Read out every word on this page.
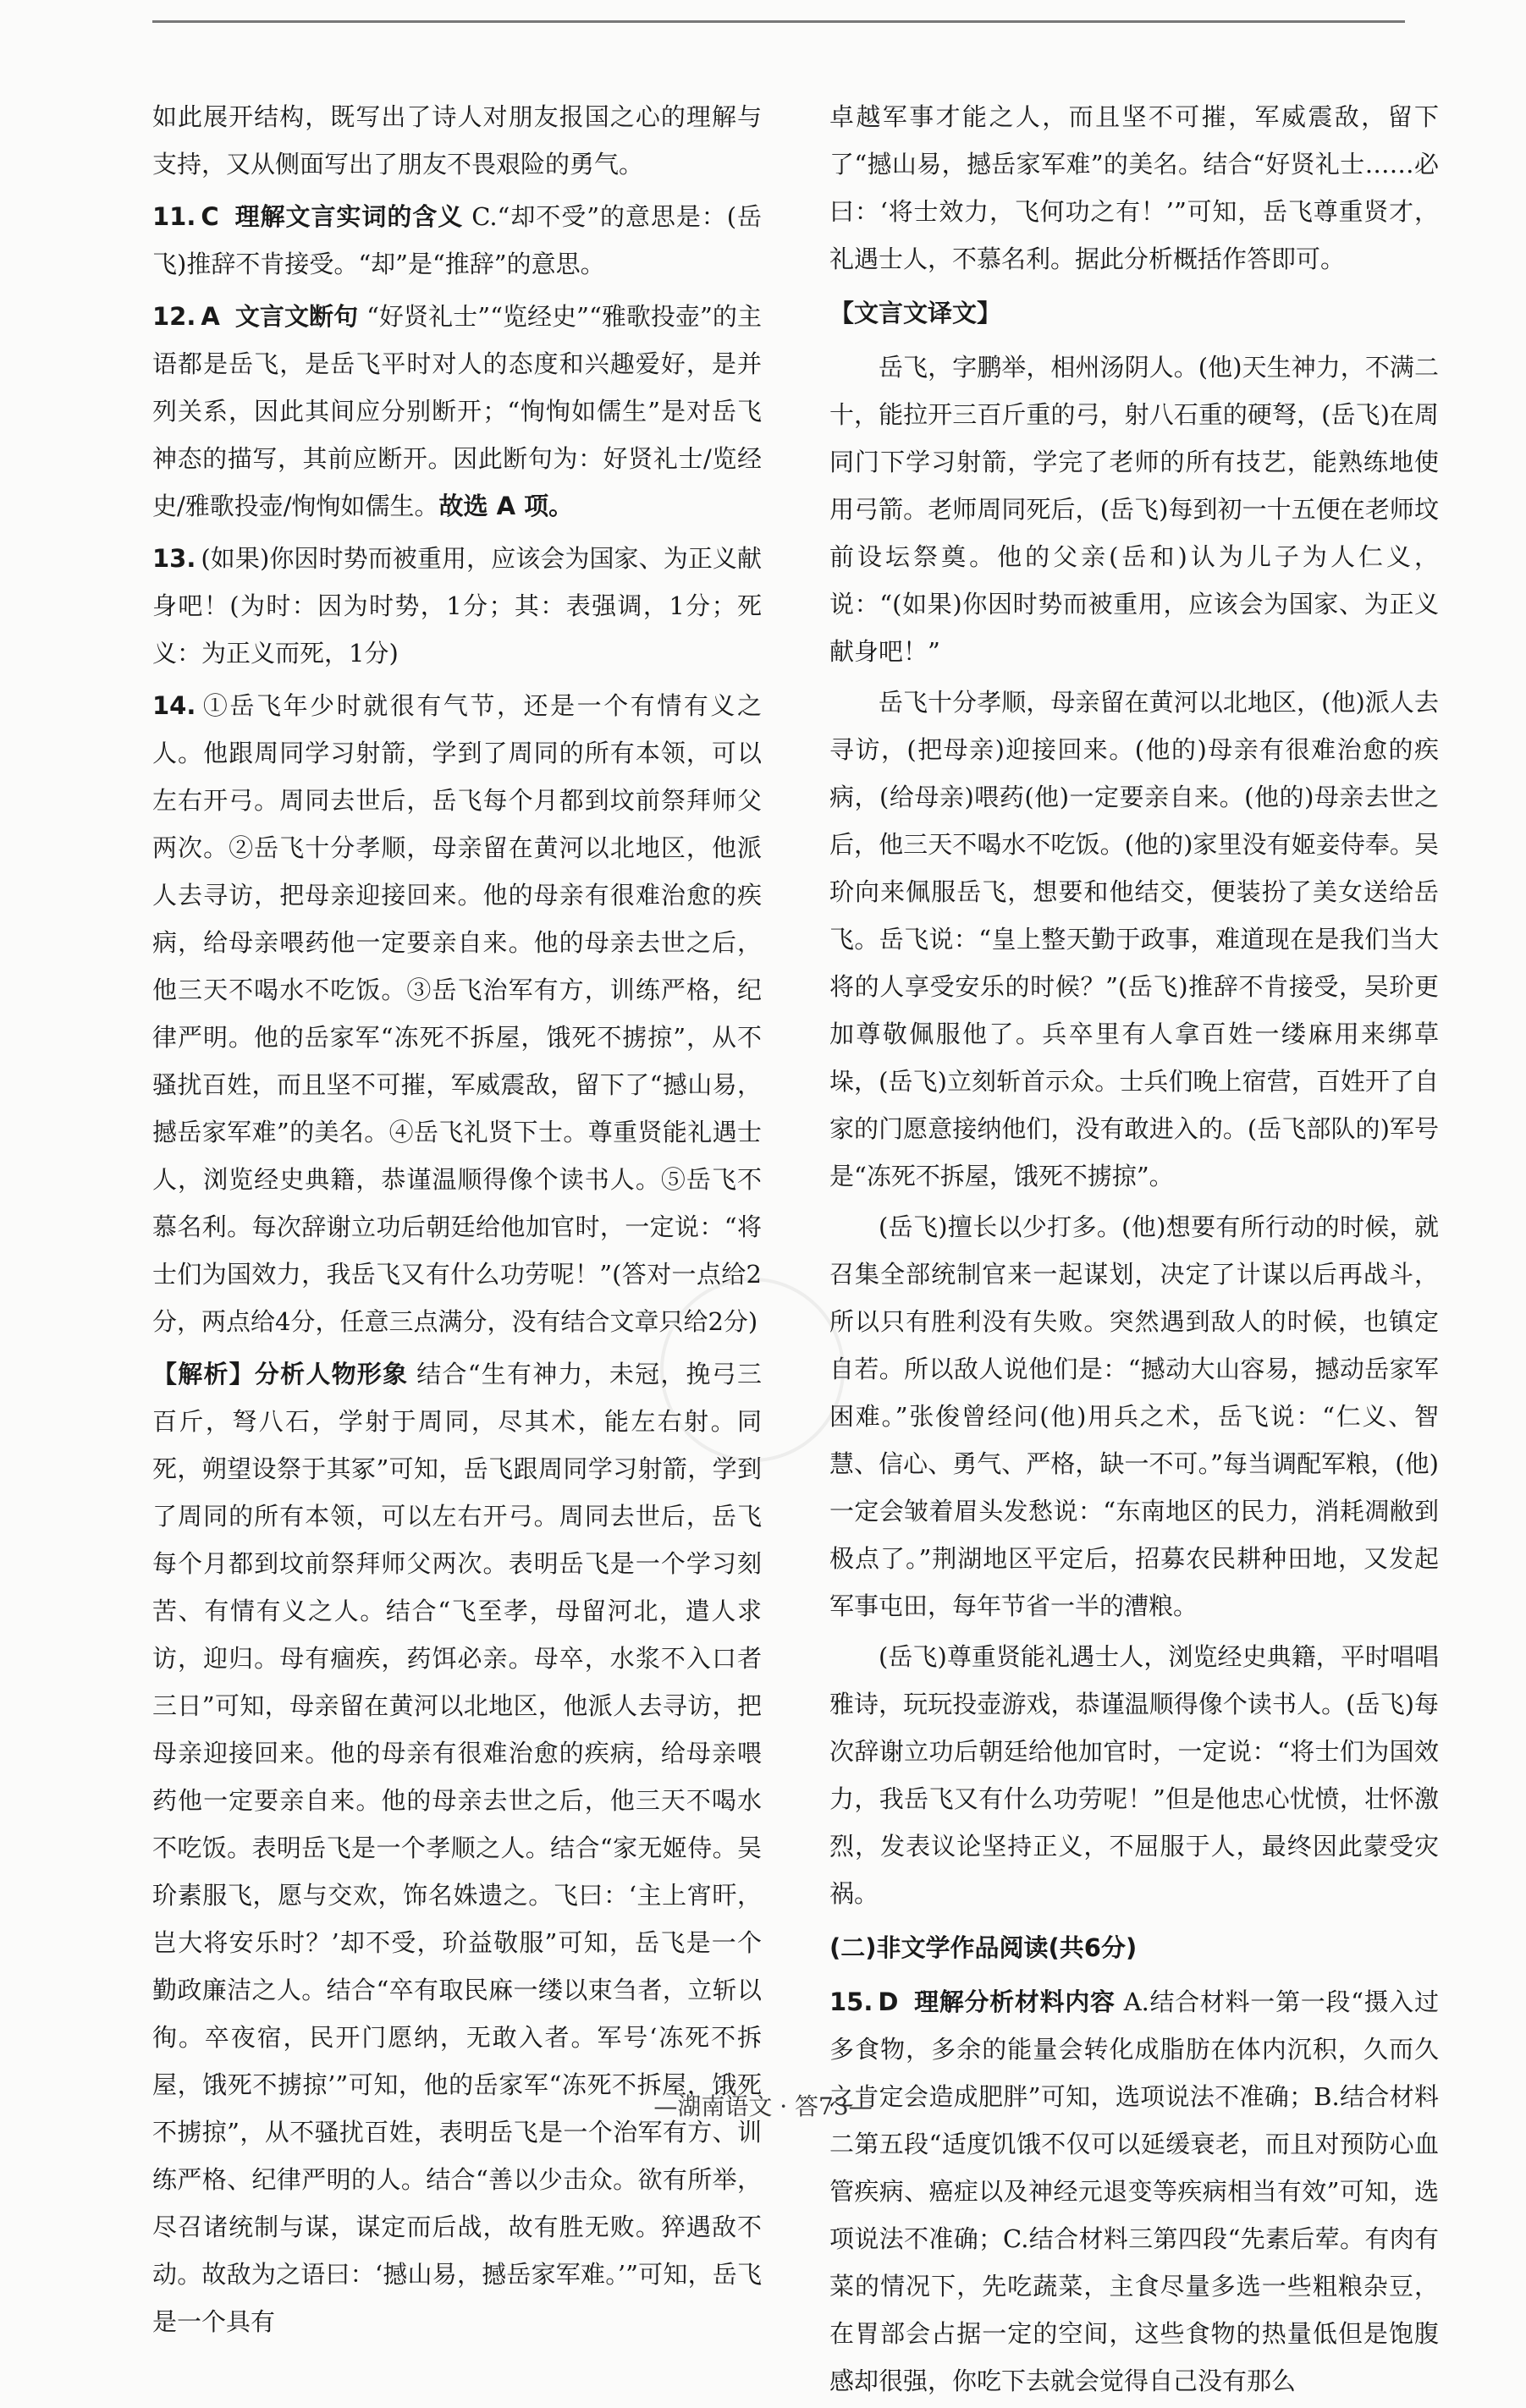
如此展开结构，既写出了诗人对朋友报国之心的理解与支持，又从侧面写出了朋友不畏艰险的勇气。

11. C 理解文言实词的含义 C.“却不受”的意思是：(岳飞)推辞不肯接受。“却”是“推辞”的意思。

12. A 文言文断句 “好贤礼士”“览经史”“雅歌投壶”的主语都是岳飞，是岳飞平时对人的态度和兴趣爱好，是并列关系，因此其间应分别断开；“恂恂如儒生”是对岳飞神态的描写，其前应断开。因此断句为：好贤礼士/览经史/雅歌投壶/恂恂如儒生。故选 A 项。

13. (如果)你因时势而被重用，应该会为国家、为正义献身吧！(为时：因为时势，1分；其：表强调，1分；死义：为正义而死，1分)

14. ①岳飞年少时就很有气节，还是一个有情有义之人。他跟周同学习射箭，学到了周同的所有本领，可以左右开弓。周同去世后，岳飞每个月都到坟前祭拜师父两次。②岳飞十分孝顺，母亲留在黄河以北地区，他派人去寻访，把母亲迎接回来。他的母亲有很难治愈的疾病，给母亲喂药他一定要亲自来。他的母亲去世之后，他三天不喝水不吃饭。③岳飞治军有方，训练严格，纪律严明。他的岳家军“冻死不拆屋，饿死不掳掠”，从不骚扰百姓，而且坚不可摧，军威震敌，留下了“撼山易，撼岳家军难”的美名。④岳飞礼贤下士。尊重贤能礼遇士人，浏览经史典籍，恭谨温顺得像个读书人。⑤岳飞不慕名利。每次辞谢立功后朝廷给他加官时，一定说：“将士们为国效力，我岳飞又有什么功劳呢！”(答对一点给2分，两点给4分，任意三点满分，没有结合文章只给2分)

【解析】分析人物形象 结合“生有神力，未冠，挽弓三百斤，弩八石，学射于周同，尽其术，能左右射。同死，朔望设祭于其冢”可知，岳飞跟周同学习射箭，学到了周同的所有本领，可以左右开弓。周同去世后，岳飞每个月都到坟前祭拜师父两次。表明岳飞是一个学习刻苦、有情有义之人。结合“飞至孝，母留河北，遣人求访，迎归。母有痼疾，药饵必亲。母卒，水浆不入口者三日”可知，母亲留在黄河以北地区，他派人去寻访，把母亲迎接回来。他的母亲有很难治愈的疾病，给母亲喂药他一定要亲自来。他的母亲去世之后，他三天不喝水不吃饭。表明岳飞是一个孝顺之人。结合“家无姬侍。吴玠素服飞，愿与交欢，饰名姝遗之。飞曰：‘主上宵旰，岂大将安乐时？’却不受，玠益敬服”可知，岳飞是一个勤政廉洁之人。结合“卒有取民麻一缕以束刍者，立斩以徇。卒夜宿，民开门愿纳，无敢入者。军号‘冻死不拆屋，饿死不掳掠’”可知，他的岳家军“冻死不拆屋，饿死不掳掠”，从不骚扰百姓，表明岳飞是一个治军有方、训练严格、纪律严明的人。结合“善以少击众。欲有所举，尽召诸统制与谋，谋定而后战，故有胜无败。猝遇敌不动。故敌为之语曰：‘撼山易，撼岳家军难。’”可知，岳飞是一个具有

卓越军事才能之人，而且坚不可摧，军威震敌，留下了“撼山易，撼岳家军难”的美名。结合“好贤礼士……必曰：‘将士效力，飞何功之有！’”可知，岳飞尊重贤才，礼遇士人，不慕名利。据此分析概括作答即可。

【文言文译文】

岳飞，字鹏举，相州汤阴人。(他)天生神力，不满二十，能拉开三百斤重的弓，射八石重的硬弩，(岳飞)在周同门下学习射箭，学完了老师的所有技艺，能熟练地使用弓箭。老师周同死后，(岳飞)每到初一十五便在老师坟前设坛祭奠。他的父亲(岳和)认为儿子为人仁义，说：“(如果)你因时势而被重用，应该会为国家、为正义献身吧！”

岳飞十分孝顺，母亲留在黄河以北地区，(他)派人去寻访，(把母亲)迎接回来。(他的)母亲有很难治愈的疾病，(给母亲)喂药(他)一定要亲自来。(他的)母亲去世之后，他三天不喝水不吃饭。(他的)家里没有姬妾侍奉。吴玠向来佩服岳飞，想要和他结交，便装扮了美女送给岳飞。岳飞说：“皇上整天勤于政事，难道现在是我们当大将的人享受安乐的时候？”(岳飞)推辞不肯接受，吴玠更加尊敬佩服他了。兵卒里有人拿百姓一缕麻用来绑草垛，(岳飞)立刻斩首示众。士兵们晚上宿营，百姓开了自家的门愿意接纳他们，没有敢进入的。(岳飞部队的)军号是“冻死不拆屋，饿死不掳掠”。

(岳飞)擅长以少打多。(他)想要有所行动的时候，就召集全部统制官来一起谋划，决定了计谋以后再战斗，所以只有胜利没有失败。突然遇到敌人的时候，也镇定自若。所以敌人说他们是：“撼动大山容易，撼动岳家军困难。”张俊曾经问(他)用兵之术，岳飞说：“仁义、智慧、信心、勇气、严格，缺一不可。”每当调配军粮，(他)一定会皱着眉头发愁说：“东南地区的民力，消耗凋敝到极点了。”荆湖地区平定后，招募农民耕种田地，又发起军事屯田，每年节省一半的漕粮。

(岳飞)尊重贤能礼遇士人，浏览经史典籍，平时唱唱雅诗，玩玩投壶游戏，恭谨温顺得像个读书人。(岳飞)每次辞谢立功后朝廷给他加官时，一定说：“将士们为国效力，我岳飞又有什么功劳呢！”但是他忠心忧愤，壮怀激烈，发表议论坚持正义，不屈服于人，最终因此蒙受灾祸。

(二)非文学作品阅读(共6分)

15. D 理解分析材料内容 A.结合材料一第一段“摄入过多食物，多余的能量会转化成脂肪在体内沉积，久而久之肯定会造成肥胖”可知，选项说法不准确；B.结合材料二第五段“适度饥饿不仅可以延缓衰老，而且对预防心血管疾病、癌症以及神经元退变等疾病相当有效”可知，选项说法不准确；C.结合材料三第四段“先素后荤。有肉有菜的情况下，先吃蔬菜，主食尽量多选一些粗粮杂豆，在胃部会占据一定的空间，这些食物的热量低但是饱腹感却很强，你吃下去就会觉得自己没有那么

—湖南语文 · 答73—
